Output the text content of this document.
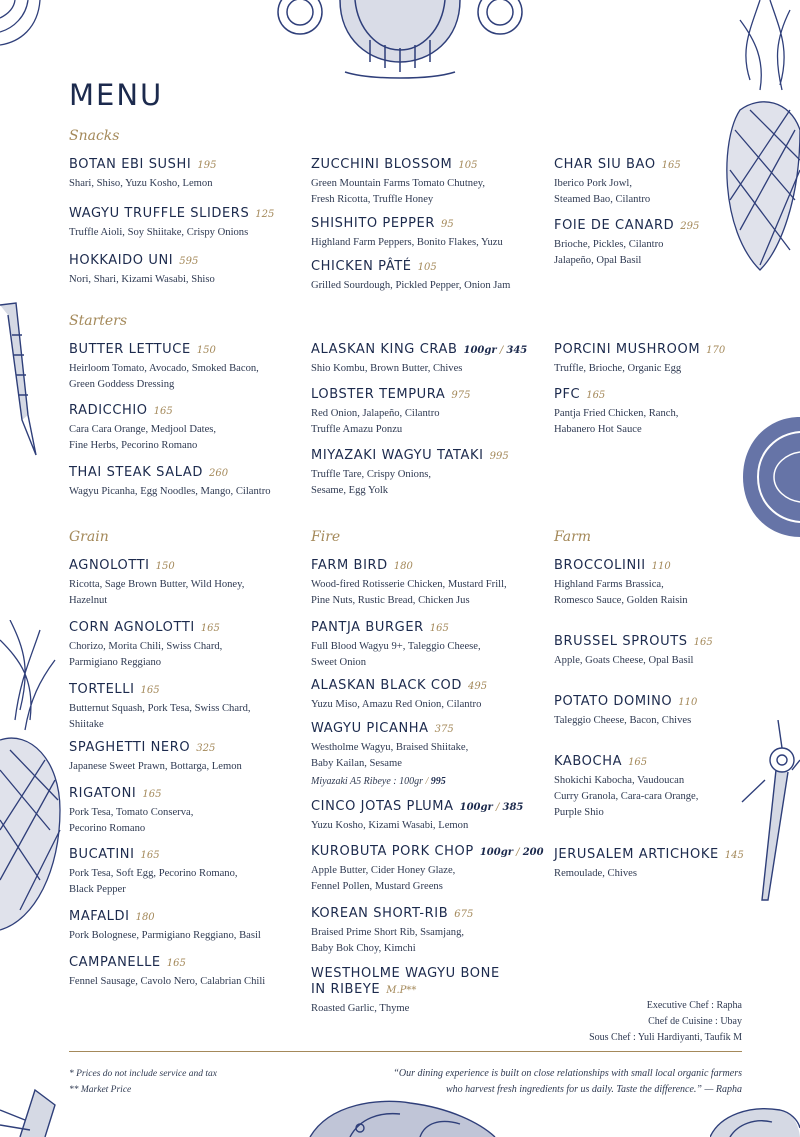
MENU
Snacks
BOTAN EBI SUSHI 195
Shari, Shiso, Yuzu Kosho, Lemon
WAGYU TRUFFLE SLIDERS 125
Truffle Aioli, Soy Shiitake, Crispy Onions
HOKKAIDO UNI 595
Nori, Shari, Kizami Wasabi, Shiso
ZUCCHINI BLOSSOM 105
Green Mountain Farms Tomato Chutney,
Fresh Ricotta, Truffle Honey
SHISHITO PEPPER 95
Highland Farm Peppers, Bonito Flakes, Yuzu
CHICKEN PÂTÉ 105
Grilled Sourdough, Pickled Pepper, Onion Jam
CHAR SIU BAO 165
Iberico Pork Jowl,
Steamed Bao, Cilantro
FOIE DE CANARD 295
Brioche, Pickles, Cilantro
Jalapeño, Opal Basil
Starters
BUTTER LETTUCE 150
Heirloom Tomato, Avocado, Smoked Bacon,
Green Goddess Dressing
RADICCHIO 165
Cara Cara Orange, Medjool Dates,
Fine Herbs, Pecorino Romano
THAI STEAK SALAD 260
Wagyu Picanha, Egg Noodles, Mango, Cilantro
ALASKAN KING CRAB 100gr / 345
Shio Kombu, Brown Butter, Chives
LOBSTER TEMPURA 975
Red Onion, Jalapeño, Cilantro
Truffle Amazu Ponzu
MIYAZAKI WAGYU TATAKI 995
Truffle Tare, Crispy Onions,
Sesame, Egg Yolk
PORCINI MUSHROOM 170
Truffle, Brioche, Organic Egg
PFC 165
Pantja Fried Chicken, Ranch,
Habanero Hot Sauce
Grain	Fire	Farm
AGNOLOTTI 150
Ricotta, Sage Brown Butter, Wild Honey,
Hazelnut
CORN AGNOLOTTI 165
Chorizo, Morita Chili, Swiss Chard,
Parmigiano Reggiano
TORTELLI 165
Butternut Squash, Pork Tesa, Swiss Chard,
Shiitake
SPAGHETTI NERO 325
Japanese Sweet Prawn, Bottarga, Lemon
RIGATONI 165
Pork Tesa, Tomato Conserva,
Pecorino Romano
BUCATINI 165
Pork Tesa, Soft Egg, Pecorino Romano,
Black Pepper
MAFALDI 180
Pork Bolognese, Parmigiano Reggiano, Basil
CAMPANELLE 165
Fennel Sausage, Cavolo Nero, Calabrian Chili
FARM BIRD 180
Wood-fired Rotisserie Chicken, Mustard Frill,
Pine Nuts, Rustic Bread, Chicken Jus
PANTJA BURGER 165
Full Blood Wagyu 9+, Taleggio Cheese,
Sweet Onion
ALASKAN BLACK COD 495
Yuzu Miso, Amazu Red Onion, Cilantro
WAGYU PICANHA 375
Westholme Wagyu, Braised Shiitake,
Baby Kailan, Sesame
Miyazaki A5 Ribeye : 100gr / 995
CINCO JOTAS PLUMA 100gr / 385
Yuzu Kosho, Kizami Wasabi, Lemon
KUROBUTA PORK CHOP 100gr / 200
Apple Butter, Cider Honey Glaze,
Fennel Pollen, Mustard Greens
KOREAN SHORT-RIB 675
Braised Prime Short Rib, Ssamjang,
Baby Bok Choy, Kimchi
WESTHOLME WAGYU BONE
IN RIBEYE M.P**
Roasted Garlic, Thyme
BROCCOLINII 110
Highland Farms Brassica,
Romesco Sauce, Golden Raisin
BRUSSEL SPROUTS 165
Apple, Goats Cheese, Opal Basil
POTATO DOMINO 110
Taleggio Cheese, Bacon, Chives
KABOCHA 165
Shokichi Kabocha, Vaudoucan
Curry Granola, Cara-cara Orange,
Purple Shio
JERUSALEM ARTICHOKE 145
Remoulade, Chives
Executive Chef : Rapha
Chef de Cuisine : Ubay
Sous Chef : Yuli Hardiyanti, Taufik M
* Prices do not include service and tax
** Market Price
“Our dining experience is built on close relationships with small local organic farmers
who harvest fresh ingredients for us daily. Taste the difference.” — Rapha
